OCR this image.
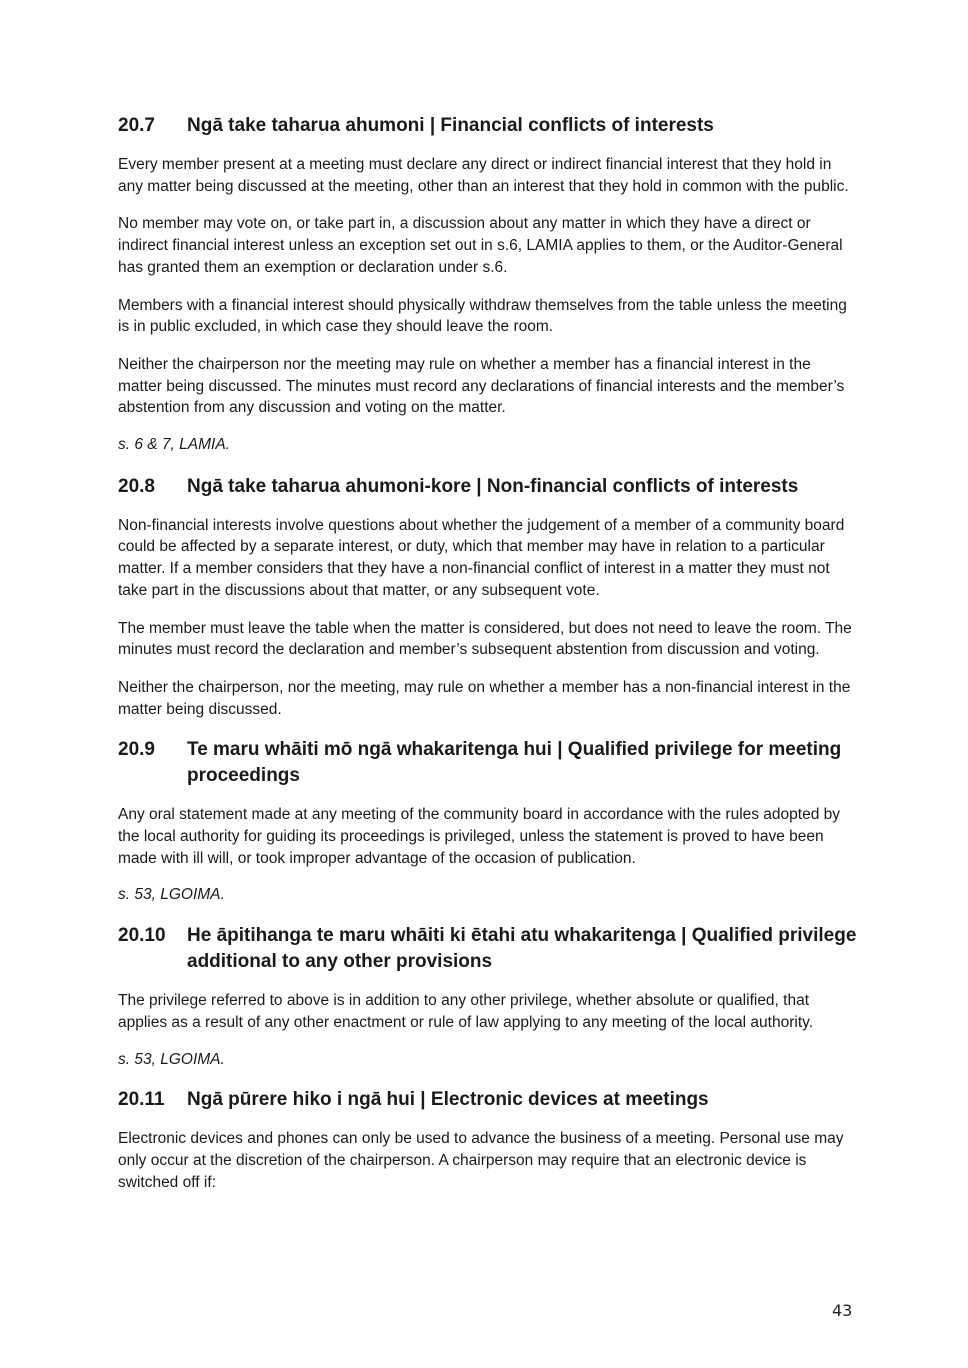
20.7	Ngā take taharua ahumoni | Financial conflicts of interests

Every member present at a meeting must declare any direct or indirect financial interest that they hold in any matter being discussed at the meeting, other than an interest that they hold in common with the public.

No member may vote on, or take part in, a discussion about any matter in which they have a direct or indirect financial interest unless an exception set out in s.6, LAMIA applies to them, or the Auditor-General has granted them an exemption or declaration under s.6.

Members with a financial interest should physically withdraw themselves from the table unless the meeting is in public excluded, in which case they should leave the room.

Neither the chairperson nor the meeting may rule on whether a member has a financial interest in the matter being discussed. The minutes must record any declarations of financial interests and the member’s abstention from any discussion and voting on the matter.

s. 6 & 7, LAMIA.

20.8	Ngā take taharua ahumoni-kore | Non-financial conflicts of interests

Non-financial interests involve questions about whether the judgement of a member of a community board could be affected by a separate interest, or duty, which that member may have in relation to a particular matter. If a member considers that they have a non-financial conflict of interest in a matter they must not take part in the discussions about that matter, or any subsequent vote.

The member must leave the table when the matter is considered, but does not need to leave the room. The minutes must record the declaration and member’s subsequent abstention from discussion and voting.

Neither the chairperson, nor the meeting, may rule on whether a member has a non-financial interest in the matter being discussed.

20.9	Te maru whāiti mō ngā whakaritenga hui | Qualified privilege for meeting proceedings

Any oral statement made at any meeting of the community board in accordance with the rules adopted by the local authority for guiding its proceedings is privileged, unless the statement is proved to have been made with ill will, or took improper advantage of the occasion of publication.

s. 53, LGOIMA.

20.10	He āpitihanga te maru whāiti ki ētahi atu whakaritenga | Qualified privilege additional to any other provisions

The privilege referred to above is in addition to any other privilege, whether absolute or qualified, that applies as a result of any other enactment or rule of law applying to any meeting of the local authority.

s. 53, LGOIMA.

20.11	Ngā pūrere hiko i ngā hui | Electronic devices at meetings

Electronic devices and phones can only be used to advance the business of a meeting. Personal use may only occur at the discretion of the chairperson. A chairperson may require that an electronic device is switched off if:

43
